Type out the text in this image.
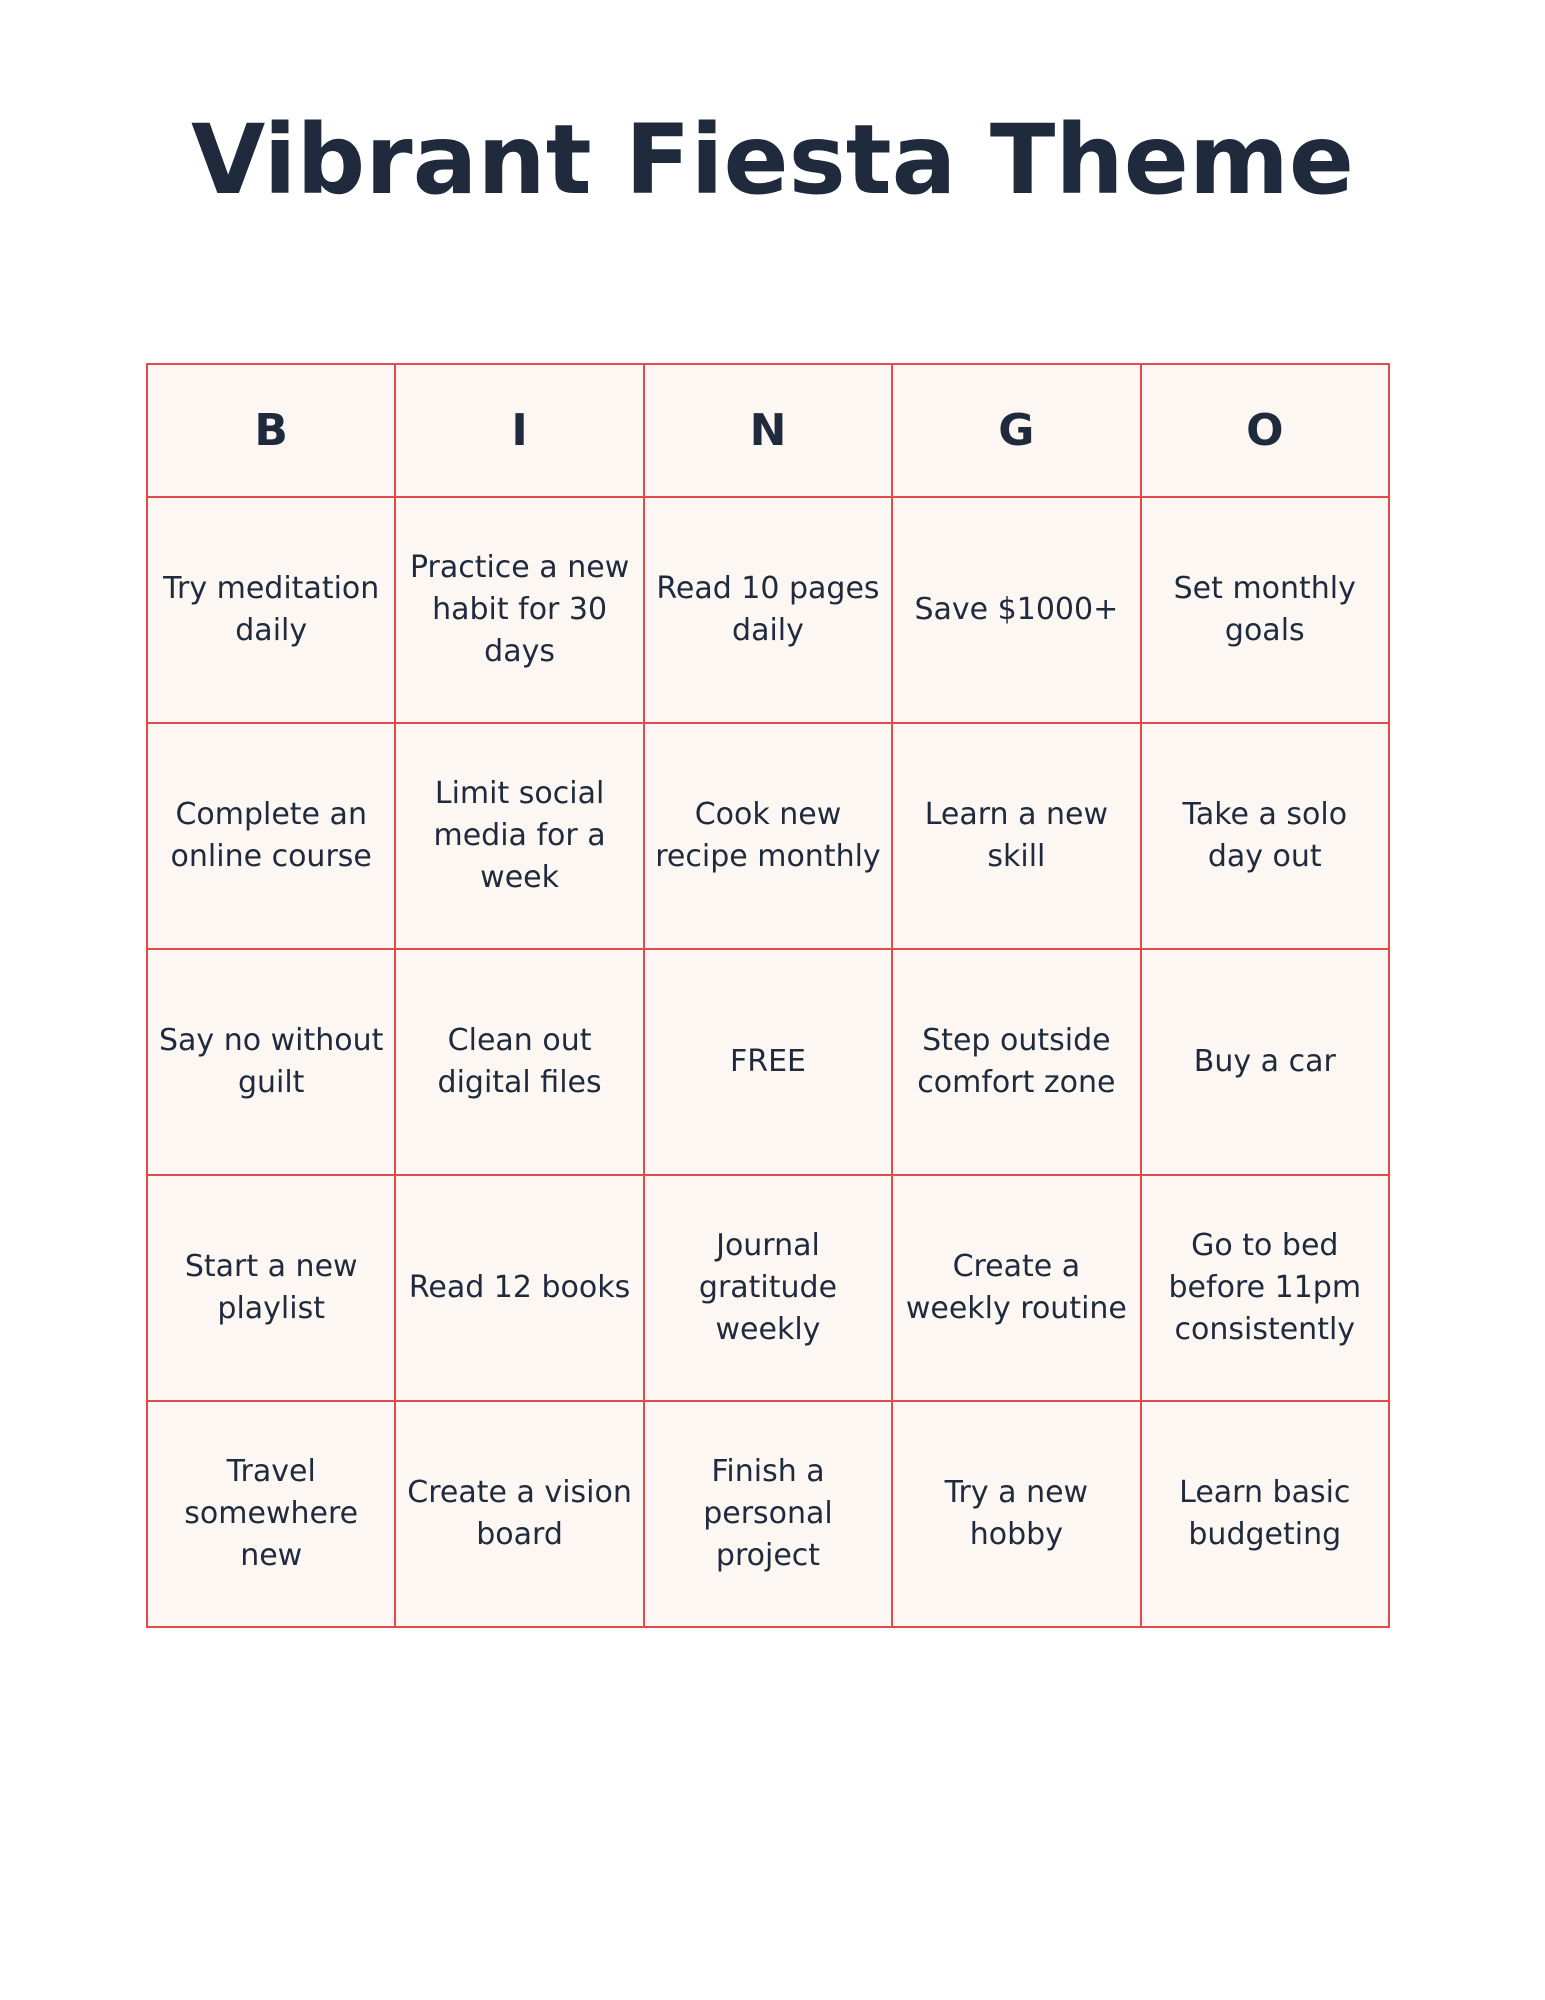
Vibrant Fiesta Theme
B	I	N	G	O
Try meditation daily	Practice a new habit for 30 days	Read 10 pages daily	Save $1000+	Set monthly goals
Complete an online course	Limit social media for a week	Cook new recipe monthly	Learn a new skill	Take a solo day out
Say no without guilt	Clean out digital files	FREE	Step outside comfort zone	Buy a car
Start a new playlist	Read 12 books	Journal gratitude weekly	Create a weekly routine	Go to bed before 11pm consistently
Travel somewhere new	Create a vision board	Finish a personal project	Try a new hobby	Learn basic budgeting
